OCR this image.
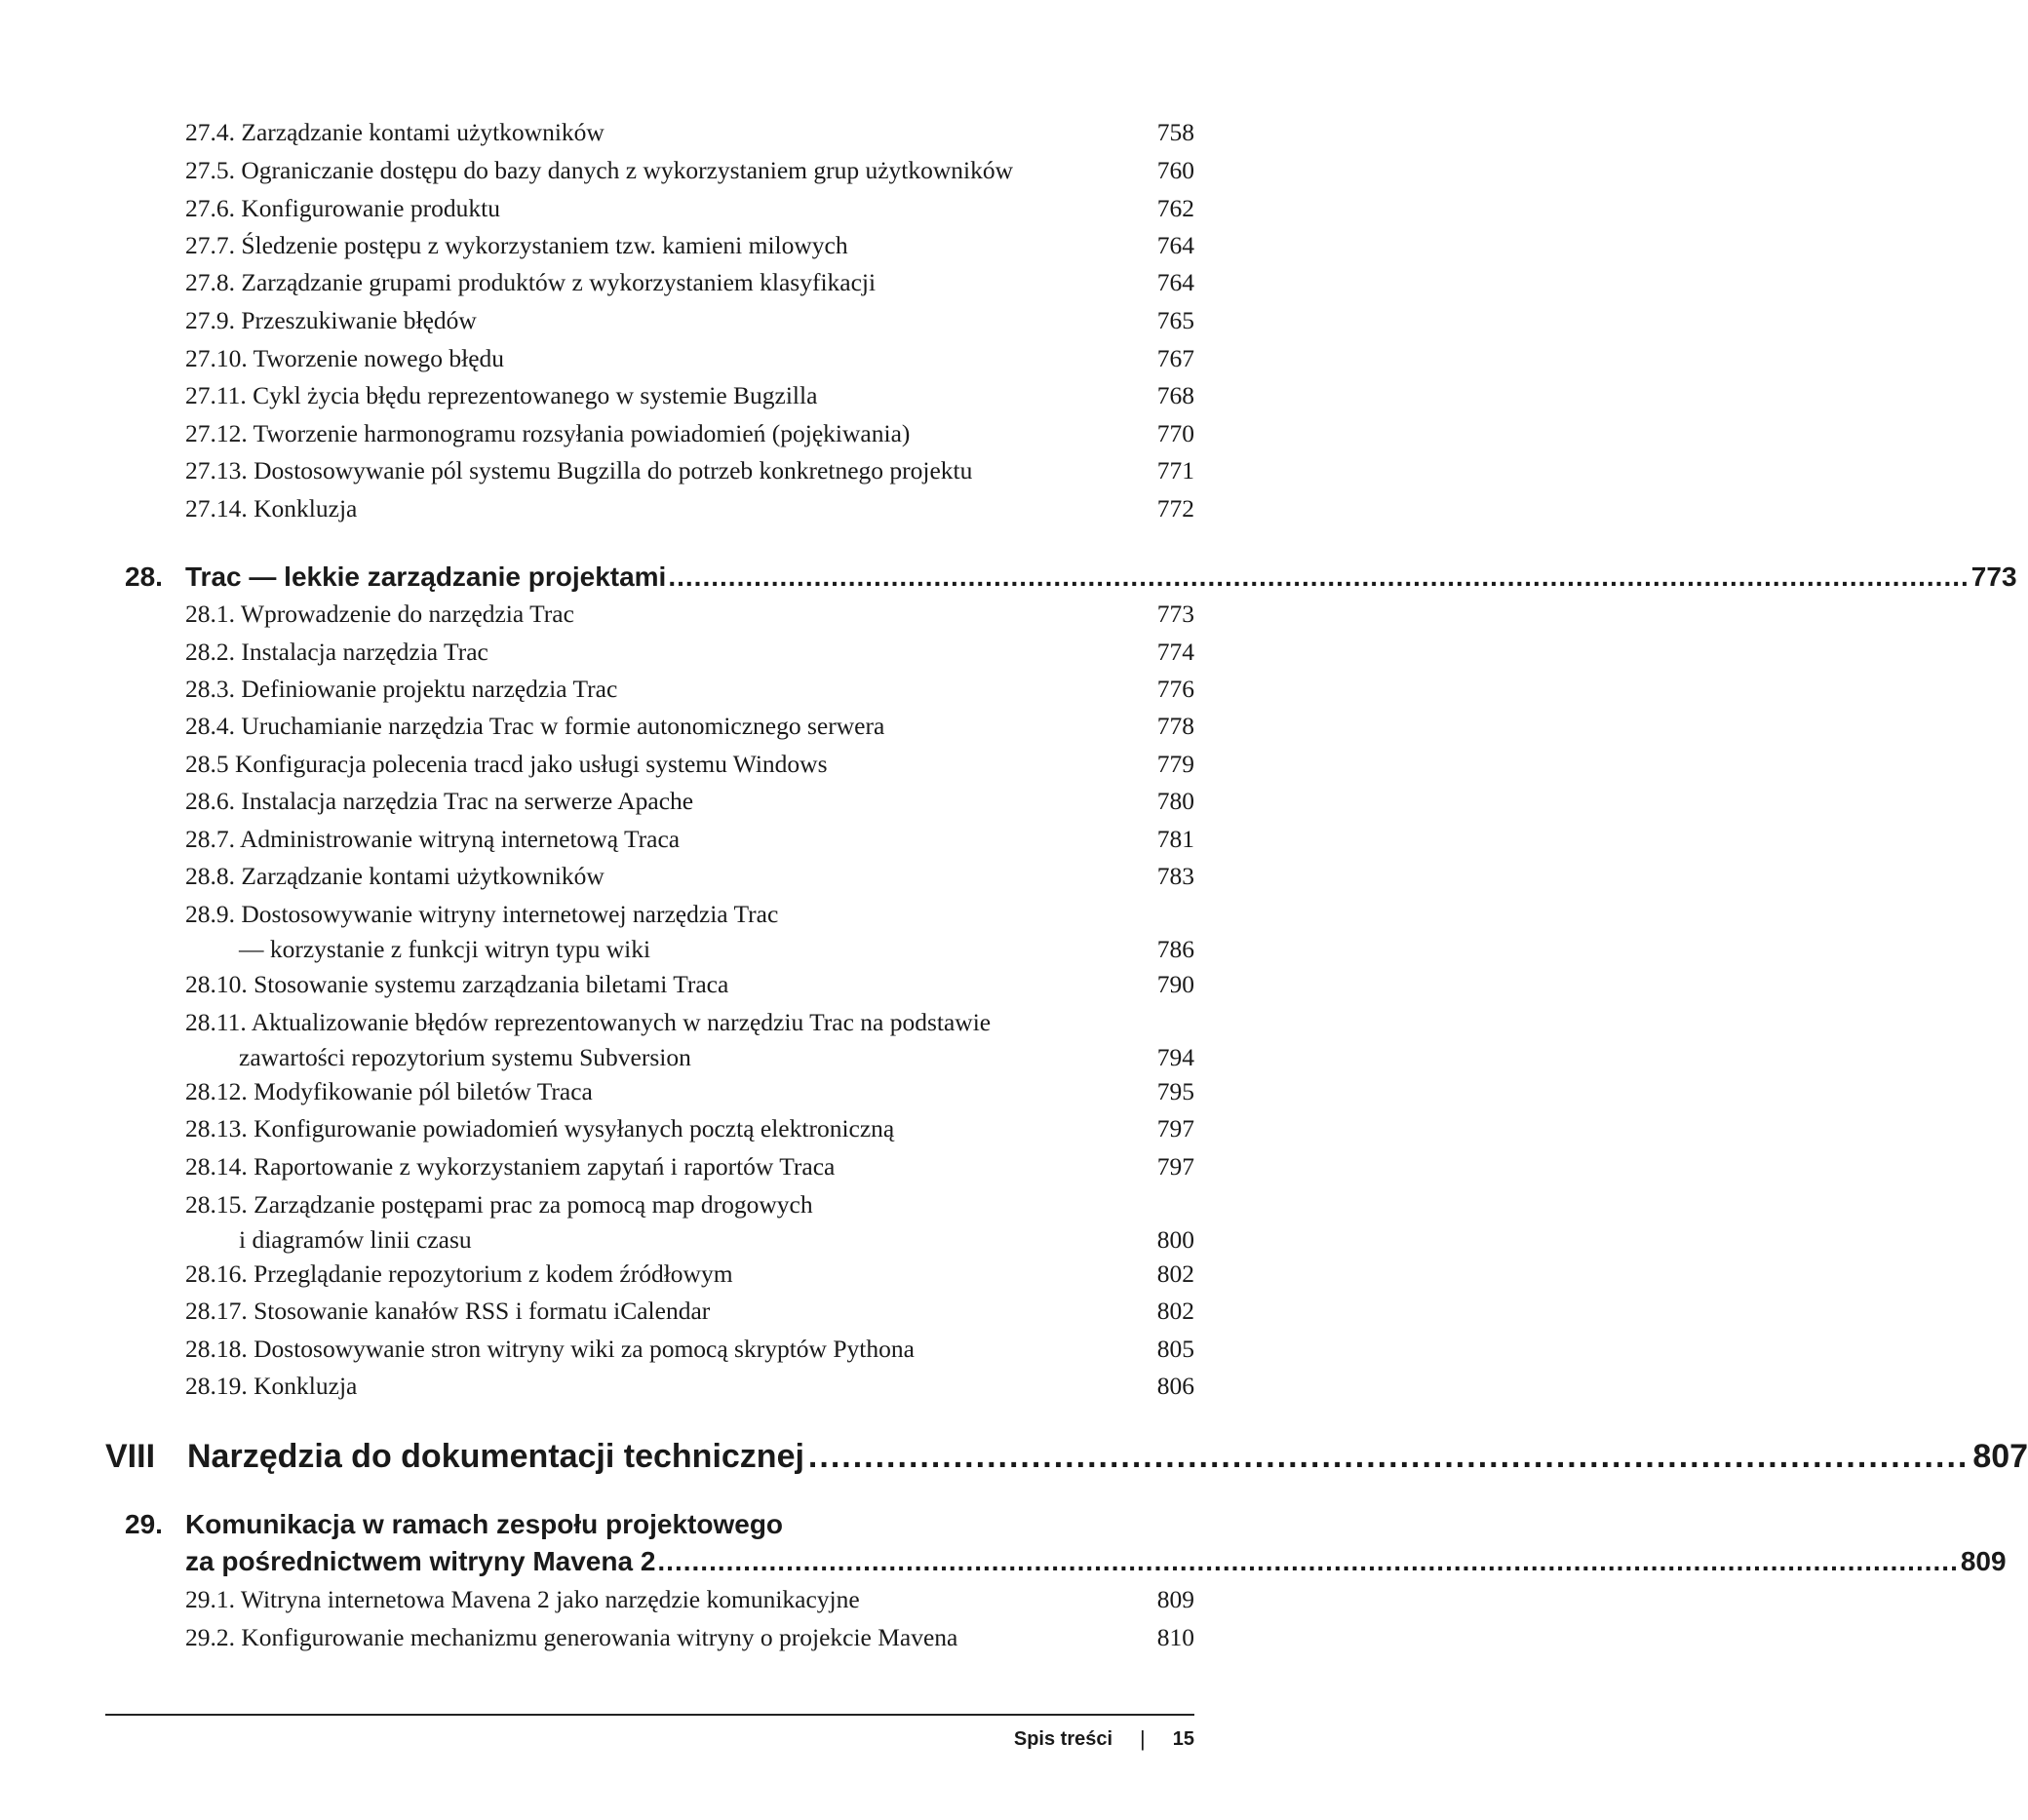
27.4. Zarządzanie kontami użytkowników	758
27.5. Ograniczanie dostępu do bazy danych z wykorzystaniem grup użytkowników	760
27.6. Konfigurowanie produktu	762
27.7. Śledzenie postępu z wykorzystaniem tzw. kamieni milowych	764
27.8. Zarządzanie grupami produktów z wykorzystaniem klasyfikacji	764
27.9. Przeszukiwanie błędów	765
27.10. Tworzenie nowego błędu	767
27.11. Cykl życia błędu reprezentowanego w systemie Bugzilla	768
27.12. Tworzenie harmonogramu rozsyłania powiadomień (pojękiwania)	770
27.13. Dostosowywanie pól systemu Bugzilla do potrzeb konkretnego projektu	771
27.14. Konkluzja	772
28. Trac — lekkie zarządzanie projektami ........................................................................................................................................................ 773
28.1. Wprowadzenie do narzędzia Trac	773
28.2. Instalacja narzędzia Trac	774
28.3. Definiowanie projektu narzędzia Trac	776
28.4. Uruchamianie narzędzia Trac w formie autonomicznego serwera	778
28.5 Konfiguracja polecenia tracd jako usługi systemu Windows	779
28.6. Instalacja narzędzia Trac na serwerze Apache	780
28.7. Administrowanie witryną internetową Traca	781
28.8. Zarządzanie kontami użytkowników	783
28.9. Dostosowywanie witryny internetowej narzędzia Trac
— korzystanie z funkcji witryn typu wiki	786
28.10. Stosowanie systemu zarządzania biletami Traca	790
28.11. Aktualizowanie błędów reprezentowanych w narzędziu Trac na podstawie
zawartości repozytorium systemu Subversion	794
28.12. Modyfikowanie pól biletów Traca	795
28.13. Konfigurowanie powiadomień wysyłanych pocztą elektroniczną	797
28.14. Raportowanie z wykorzystaniem zapytań i raportów Traca	797
28.15. Zarządzanie postępami prac za pomocą map drogowych
i diagramów linii czasu	800
28.16. Przeglądanie repozytorium z kodem źródłowym	802
28.17. Stosowanie kanałów RSS i formatu iCalendar	802
28.18. Dostosowywanie stron witryny wiki za pomocą skryptów Pythona	805
28.19. Konkluzja	806
VIII Narzędzia do dokumentacji technicznej ........................................................................................................ 807
29. Komunikacja w ramach zespołu projektowego
za pośrednictwem witryny Mavena 2 ........................................................................................................................................................ 809
29.1. Witryna internetowa Mavena 2 jako narzędzie komunikacyjne	809
29.2. Konfigurowanie mechanizmu generowania witryny o projekcie Mavena	810
Spis treści | 15
